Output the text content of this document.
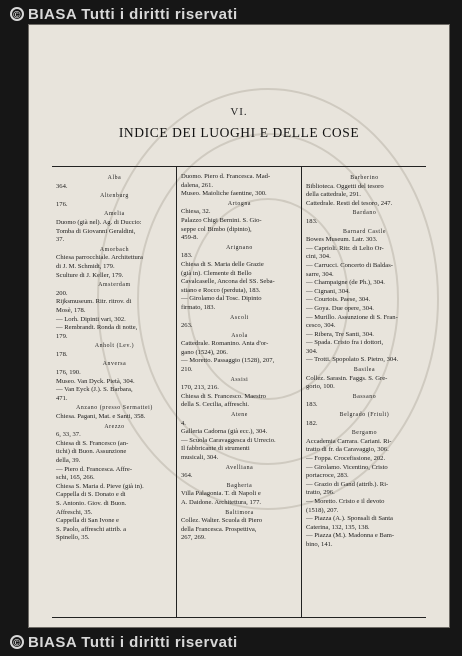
© BIASA Tutti i diritti riservati
VI.
INDICE DEI LUOGHI E DELLE COSE
Alba
364.
Altenburg
176.
Amelia
Duomo (già nel). Ag. di Duccio:
Tomba di Giovanni Geraldini,
37.
Amorbach
Chiesa parrocchiale. Architettura
di J. M. Schmidt, 179.
Sculture di J. Keller, 179.
Amsterdam
200.
Rijksmuseum. Ritr. ritrov. di
Mosè, 178.
— Lorh. Dipinti vari, 302.
— Rembrandt. Ronda di notte,
179.
Anholt (Lev.)
178.
Anversa
176, 190.
Museo. Van Dyck. Pietà, 304.
— Van Eyck (J.). S. Barbara,
471.
Anzano (presso Sermattei)
Chiesa. Pagani, Mat. e Santi, 358.
Arezzo
6, 33, 37.
Chiesa di S. Francesco (an-
tichi) di Buon. Assunzione
della, 39.
— Piero d. Francesca. Affre-
schi, 165, 266.
Chiesa S. Maria d. Pieve (già in).
Cappella di S. Donato e di
S. Antonio. Giov. di Buon.
Affreschi, 35.
Cappella di San Ivone e
S. Paolo, affreschi attrib. a
Spinello, 35.
Duomo. Piero d. Francesca. Mad-
dalena, 261.
Museo. Maioliche faentine, 300.
Artogna
Chiesa, 32.
Palazzo Chigi Bernini. S. Gio-
seppe col Bimbo (dipinto),
459-8.
Arignano
183.
Chiesa di S. Maria delle Grazie
(già in). Clemente di Bello
Cavalcaselle, Ancona del SS. Seba-
stiano e Rocco (perduta), 183.
— Girolamo dal Tosc. Dipinto
firmato, 183.
Ascoli
263.
Asola
Cattedrale. Romanino. Anta d'or-
gano (1524), 206.
— Moretto. Passaggio (1528), 207,
210.
Assisi
170, 213, 216.
Chiesa di S. Francesco. Maestro
della S. Cecilia, affreschi.
Atene
4.
Galleria Cadorna (già ecc.), 304.
— Scuola Caravaggesca di Urrecio.
Il fabbricante di strumenti
musicali, 304.
Avelliana
364.
Bagheria
Villa Palagonia. T. di Napoli e
A. Daidone. Architettura, 177.
Baltimora
Collez. Walter. Scuola di Piero
della Francesca. Prospettiva,
267, 269.
Barberino
Biblioteca. Oggetti del tesoro
della cattedrale, 291.
Cattedrale. Resti del tesoro, 247.
Bardano
183.
Barnard Castle
Bowes Museum. Latr. 303.
— Caprioli. Ritr. di Lelio Or-
cini, 304.
— Carrucci. Concerto di Baldas-
sarre, 304.
— Champaigne (de Ph.), 304.
— Cignani, 304.
— Courtois. Paese, 304.
— Goya. Due opere, 304.
— Murillo. Assunzione di S. Fran-
cesco, 304.
— Ribera, Tre Santi, 304.
— Spada. Cristo fra i dottori,
304.
— Trotti. Spopolato S. Pietro, 304.
Basilea
Collez. Sarasin. Faggs. S. Gre-
gorio, 100.
Bassano
183.
Belgrado (Friuli)
182.
Bergamo
Accademia Carrara. Cariani. Ri-
tratto di fr. da Caravaggio, 306.
— Foppa. Crocefissione, 202.
— Girolamo. Vicentino, Cristo
portacroce, 283.
— Grazio di Gand (attrib.). Ri-
tratto, 296.
— Moretto. Cristo e il devoto
(1518), 207.
— Piazza (A.). Sponsali di Santa
Caterina, 132, 135, 138.
— Piazza (M.). Madonna e Bam-
bino, 141.
© BIASA Tutti i diritti riservati
